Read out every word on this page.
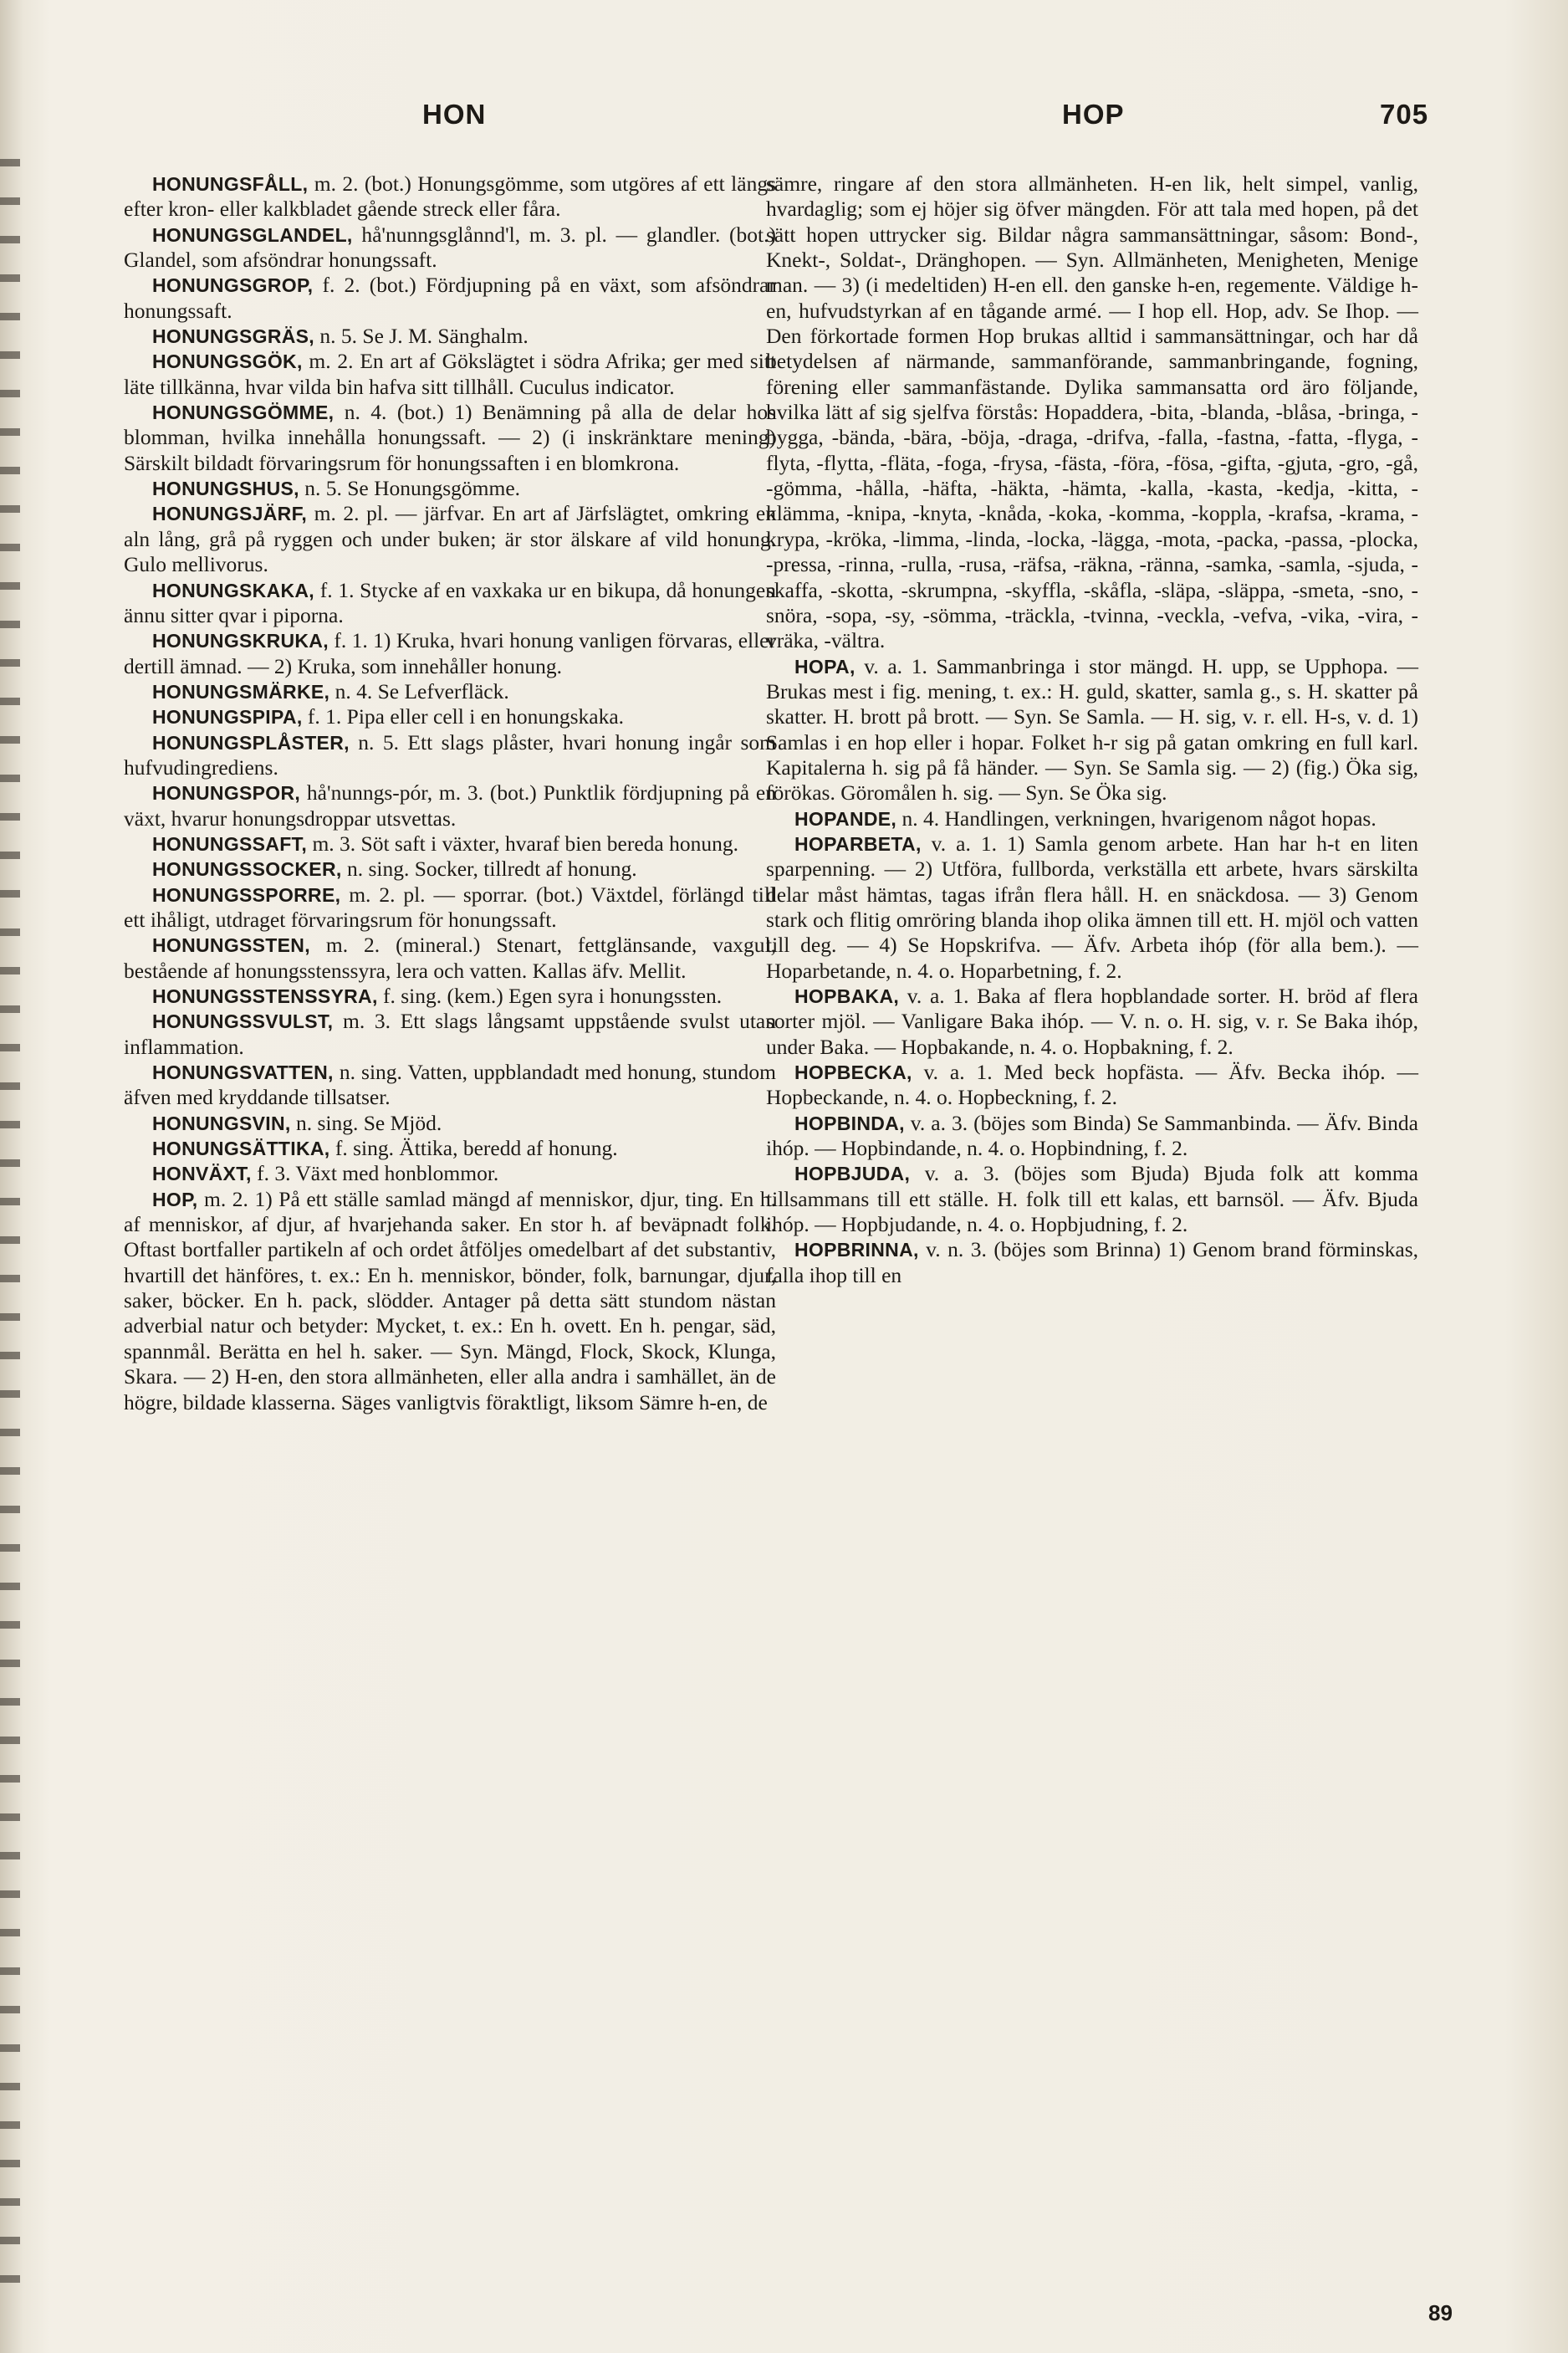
HON	HOP	705

HONUNGSFÅLL, m. 2. (bot.) Honungsgömme, som utgöres af ett längs efter kron- eller kalkbladet gående streck eller fåra.

HONUNGSGLANDEL, hå'nunngsglånnd'l, m. 3. pl. — glandler. (bot.) Glandel, som afsöndrar honungssaft.

HONUNGSGROP, f. 2. (bot.) Fördjupning på en växt, som afsöndrar honungssaft.

HONUNGSGRÄS, n. 5. Se J. M. Sänghalm.

HONUNGSGÖK, m. 2. En art af Gökslägtet i södra Afrika; ger med sitt läte tillkänna, hvar vilda bin hafva sitt tillhåll. Cuculus indicator.

HONUNGSGÖMME, n. 4. (bot.) 1) Benämning på alla de delar hos blomman, hvilka innehålla honungssaft. — 2) (i inskränktare mening) Särskilt bildadt förvaringsrum för honungssaften i en blomkrona.

HONUNGSHUS, n. 5. Se Honungsgömme.

HONUNGSJÄRF, m. 2. pl. — järfvar. En art af Järfslägtet, omkring en aln lång, grå på ryggen och under buken; är stor älskare af vild honung. Gulo mellivorus.

HONUNGSKAKA, f. 1. Stycke af en vaxkaka ur en bikupa, då honungen ännu sitter qvar i piporna.

HONUNGSKRUKA, f. 1. 1) Kruka, hvari honung vanligen förvaras, eller dertill ämnad. — 2) Kruka, som innehåller honung.

HONUNGSMÄRKE, n. 4. Se Lefverfläck.

HONUNGSPIPA, f. 1. Pipa eller cell i en honungskaka.

HONUNGSPLÅSTER, n. 5. Ett slags plåster, hvari honung ingår som hufvudingrediens.

HONUNGSPOR, hå'nunngs-pór, m. 3. (bot.) Punktlik fördjupning på en växt, hvarur honungsdroppar utsvettas.

HONUNGSSAFT, m. 3. Söt saft i växter, hvaraf bien bereda honung.

HONUNGSSOCKER, n. sing. Socker, tillredt af honung.

HONUNGSSPORRE, m. 2. pl. — sporrar. (bot.) Växtdel, förlängd till ett ihåligt, utdraget förvaringsrum för honungssaft.

HONUNGSSTEN, m. 2. (mineral.) Stenart, fettglänsande, vaxgul, bestående af honungsstenssyra, lera och vatten. Kallas äfv. Mellit.

HONUNGSSTENSSYRA, f. sing. (kem.) Egen syra i honungssten.

HONUNGSSVULST, m. 3. Ett slags långsamt uppstående svulst utan inflammation.

HONUNGSVATTEN, n. sing. Vatten, uppblandadt med honung, stundom äfven med kryddande tillsatser.

HONUNGSVIN, n. sing. Se Mjöd.

HONUNGSÄTTIKA, f. sing. Ättika, beredd af honung.

HONVÄXT, f. 3. Växt med honblommor.

HOP, m. 2. 1) På ett ställe samlad mängd af menniskor, djur, ting. En h. af menniskor, af djur, af hvarjehanda saker. En stor h. af beväpnadt folk. Oftast bortfaller partikeln af och ordet åtföljes omedelbart af det substantiv, hvartill det hänföres, t. ex.: En h. menniskor, bönder, folk, barnungar, djur, saker, böcker. En h. pack, slödder. Antager på detta sätt stundom nästan adverbial natur och betyder: Mycket, t. ex.: En h. ovett. En h. pengar, säd, spannmål. Berätta en hel h. saker. — Syn. Mängd, Flock, Skock, Klunga, Skara. — 2) H-en, den stora allmänheten, eller alla andra i samhället, än de högre, bildade klasserna. Säges vanligtvis föraktligt, liksom Sämre h-en, de

sämre, ringare af den stora allmänheten. H-en lik, helt simpel, vanlig, hvardaglig; som ej höjer sig öfver mängden. För att tala med hopen, på det sätt hopen uttrycker sig. Bildar några sammansättningar, såsom: Bond-, Knekt-, Soldat-, Dränghopen. — Syn. Allmänheten, Menigheten, Menige man. — 3) (i medeltiden) H-en ell. den ganske h-en, regemente. Väldige h-en, hufvudstyrkan af en tågande armé. — I hop ell. Hop, adv. Se Ihop. — Den förkortade formen Hop brukas alltid i sammansättningar, och har då betydelsen af närmande, sammanförande, sammanbringande, fogning, förening eller sammanfästande. Dylika sammansatta ord äro följande, hvilka lätt af sig sjelfva förstås: Hopaddera, -bita, -blanda, -blåsa, -bringa, -bygga, -bända, -bära, -böja, -draga, -drifva, -falla, -fastna, -fatta, -flyga, -flyta, -flytta, -fläta, -foga, -frysa, -fästa, -föra, -fösa, -gifta, -gjuta, -gro, -gå, -gömma, -hålla, -häfta, -häkta, -hämta, -kalla, -kasta, -kedja, -kitta, -klämma, -knipa, -knyta, -knåda, -koka, -komma, -koppla, -krafsa, -krama, -krypa, -kröka, -limma, -linda, -locka, -lägga, -mota, -packa, -passa, -plocka, -pressa, -rinna, -rulla, -rusa, -räfsa, -räkna, -ränna, -samka, -samla, -sjuda, -skaffa, -skotta, -skrumpna, -skyffla, -skåfla, -släpa, -släppa, -smeta, -sno, -snöra, -sopa, -sy, -sömma, -träckla, -tvinna, -veckla, -vefva, -vika, -vira, -vräka, -vältra.

HOPA, v. a. 1. Sammanbringa i stor mängd. H. upp, se Upphopa. — Brukas mest i fig. mening, t. ex.: H. guld, skatter, samla g., s. H. skatter på skatter. H. brott på brott. — Syn. Se Samla. — H. sig, v. r. ell. H-s, v. d. 1) Samlas i en hop eller i hopar. Folket h-r sig på gatan omkring en full karl. Kapitalerna h. sig på få händer. — Syn. Se Samla sig. — 2) (fig.) Öka sig, förökas. Göromålen h. sig. — Syn. Se Öka sig.

HOPANDE, n. 4. Handlingen, verkningen, hvarigenom något hopas.

HOPARBETA, v. a. 1. 1) Samla genom arbete. Han har h-t en liten sparpenning. — 2) Utföra, fullborda, verkställa ett arbete, hvars särskilta delar måst hämtas, tagas ifrån flera håll. H. en snäckdosa. — 3) Genom stark och flitig omröring blanda ihop olika ämnen till ett. H. mjöl och vatten till deg. — 4) Se Hopskrifva. — Äfv. Arbeta ihóp (för alla bem.). — Hoparbetande, n. 4. o. Hoparbetning, f. 2.

HOPBAKA, v. a. 1. Baka af flera hopblandade sorter. H. bröd af flera sorter mjöl. — Vanligare Baka ihóp. — V. n. o. H. sig, v. r. Se Baka ihóp, under Baka. — Hopbakande, n. 4. o. Hopbakning, f. 2.

HOPBECKA, v. a. 1. Med beck hopfästa. — Äfv. Becka ihóp. — Hopbeckande, n. 4. o. Hopbeckning, f. 2.

HOPBINDA, v. a. 3. (böjes som Binda) Se Sammanbinda. — Äfv. Binda ihóp. — Hopbindande, n. 4. o. Hopbindning, f. 2.

HOPBJUDA, v. a. 3. (böjes som Bjuda) Bjuda folk att komma tillsammans till ett ställe. H. folk till ett kalas, ett barnsöl. — Äfv. Bjuda ihóp. — Hopbjudande, n. 4. o. Hopbjudning, f. 2.

HOPBRINNA, v. n. 3. (böjes som Brinna) 1) Genom brand förminskas, falla ihop till en

89
